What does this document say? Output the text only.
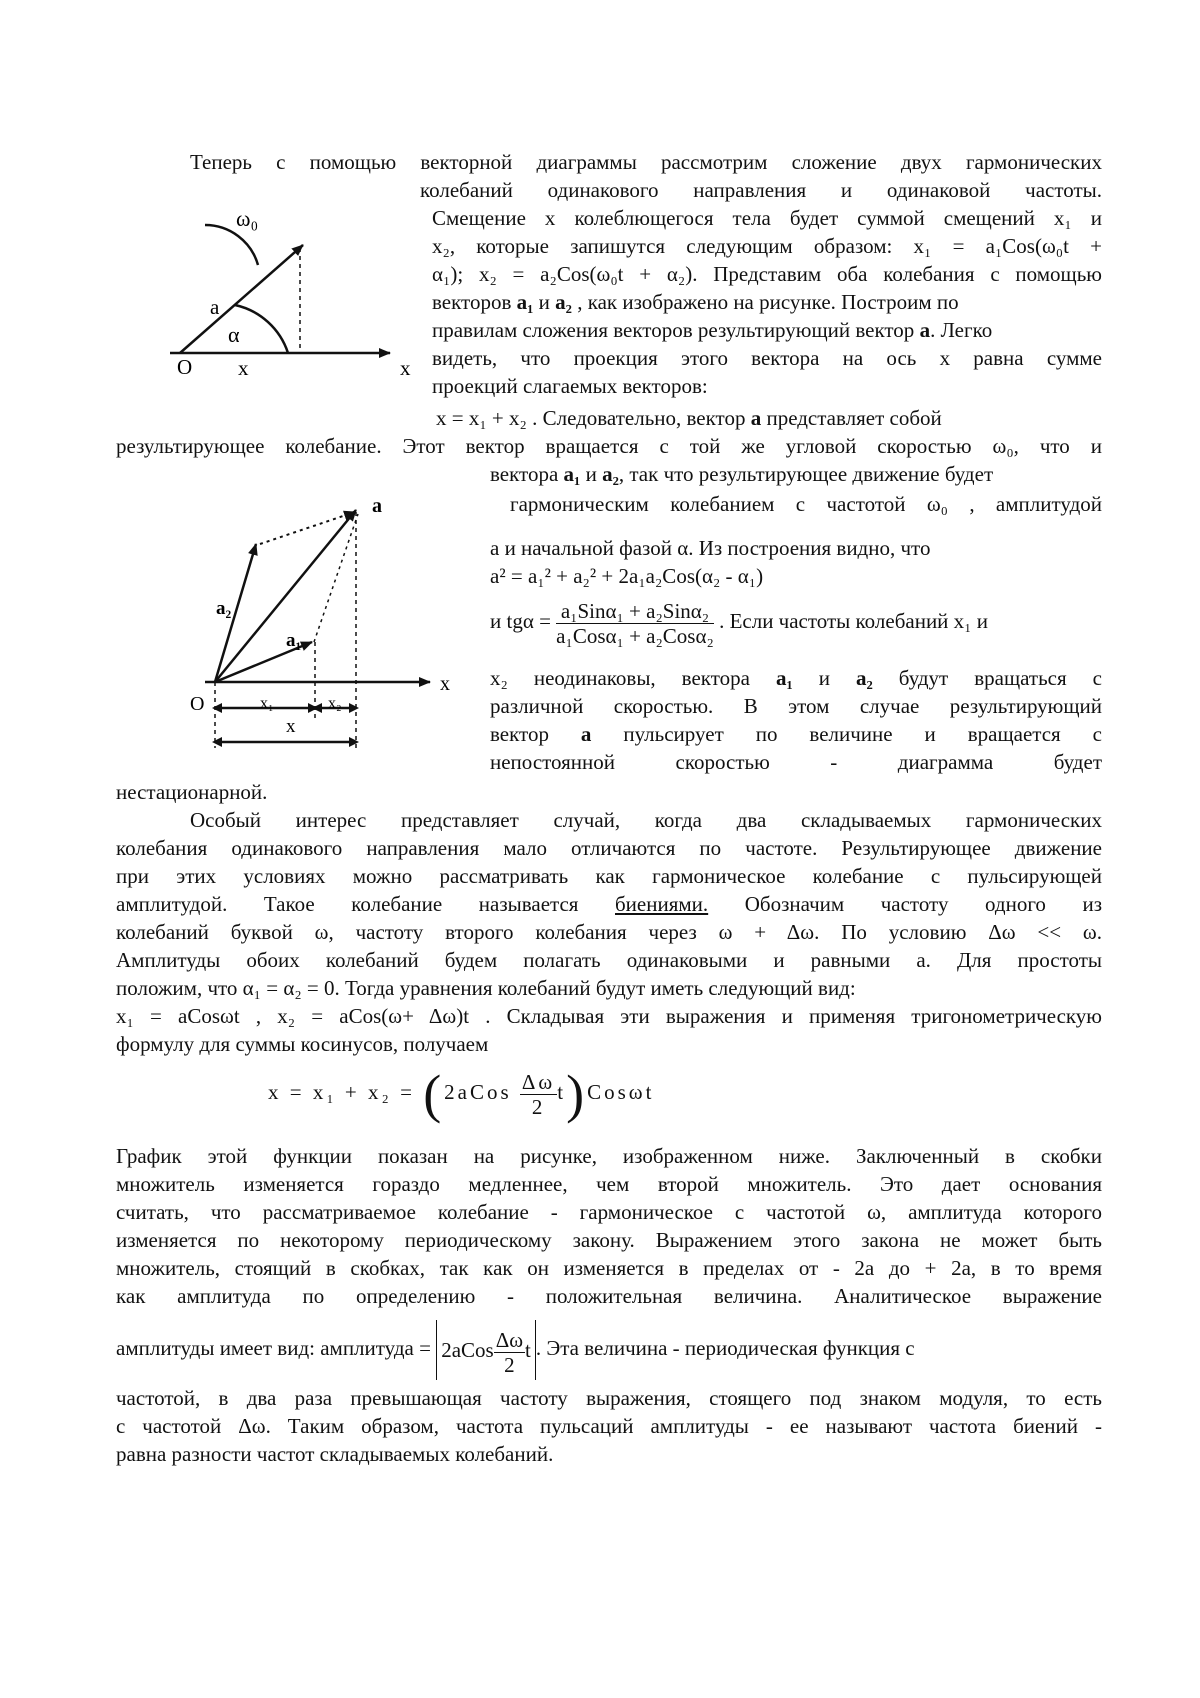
Теперь с помощью векторной диаграммы рассмотрим сложение двух гармонических
колебаний одинакового направления и одинаковой частоты.
Смещение x колеблющегося тела будет суммой смещений x₁ и
x₂, которые запишутся следующим образом: x₁ = a₁Cos(ω₀t +
α₁); x₂ = a₂Cos(ω₀t + α₂). Представим оба колебания с помощью
векторов a₁ и a₂ , как изображено на рисунке. Построим по
правилам сложения векторов результирующий вектор a. Легко
видеть, что проекция этого вектора на ось x равна сумме
проекций слагаемых векторов:
x = x₁ + x₂ . Следовательно, вектор a представляет собой
результирующее колебание. Этот вектор вращается с той же угловой скоростью ω₀, что и
вектора a₁ и a₂, так что результирующее движение будет
гармоническим колебанием с частотой ω₀ , амплитудой
a и начальной фазой α. Из построения видно, что
a² = a₁² + a₂² + 2a₁a₂Cos(α₂ - α₁)
и $tg\alpha = \frac{\text{a₁Sinα₁ + a₂Sinα₂}}{\text{a₁Cosα₁ + a₂Cosα₂}}$ . Если частоты колебаний x₁ и
x₂ неодинаковы, вектора a₁ и a₂ будут вращаться с
различной скоростью. В этом случае результирующий
вектор a пульсирует по величине и вращается с
непостоянной скоростью - диаграмма будет
нестационарной.
Особый интерес представляет случай, когда два складываемых гармонических
колебания одинакового направления мало отличаются по частоте. Результирующее движение
при этих условиях можно рассматривать как гармоническое колебание с пульсирующей
амплитудой. Такое колебание называется биениями. Обозначим частоту одного из
колебаний буквой ω, частоту второго колебания через ω + Δω. По условию Δω << ω.
Амплитуды обоих колебаний будем полагать одинаковыми и равными a. Для простоты
положим, что α₁ = α₂ = 0. Тогда уравнения колебаний будут иметь следующий вид:
x₁ = aCosωt , x₂ = aCos(ω+ Δω)t . Складывая эти выражения и применяя тригонометрическую
формулу для суммы косинусов, получаем
x = x₁ + x₂ = (2aCos $\frac{\Delta\omega}{2} t)Cos\omega t$
График этой функции показан на рисунке, изображенном ниже. Заключенный в скобки
множитель изменяется гораздо медленнее, чем второй множитель. Это дает основания
считать, что рассматриваемое колебание - гармоническое с частотой ω, амплитуда которого
изменяется по некоторому периодическому закону. Выражением этого закона не может быть
множитель, стоящий в скобках, так как он изменяется в пределах от - 2a до + 2a, в то время
как амплитуда по определению - положительная величина. Аналитическое выражение
амплитуды имеет вид: амплитуда = 2aCos $\frac{\Delta\omega}{2}$ t . Эта величина - периодическая функция с
частотой, в два раза превышающая частоту выражения, стоящего под знаком модуля, то есть
с частотой Δω. Таким образом, частота пульсаций амплитуды - ее называют частота биений -
равна разности частот складываемых колебаний.
ω₀
a
α
O x	x
a
a₂
a₁
O	x₁	x₂
x
x
